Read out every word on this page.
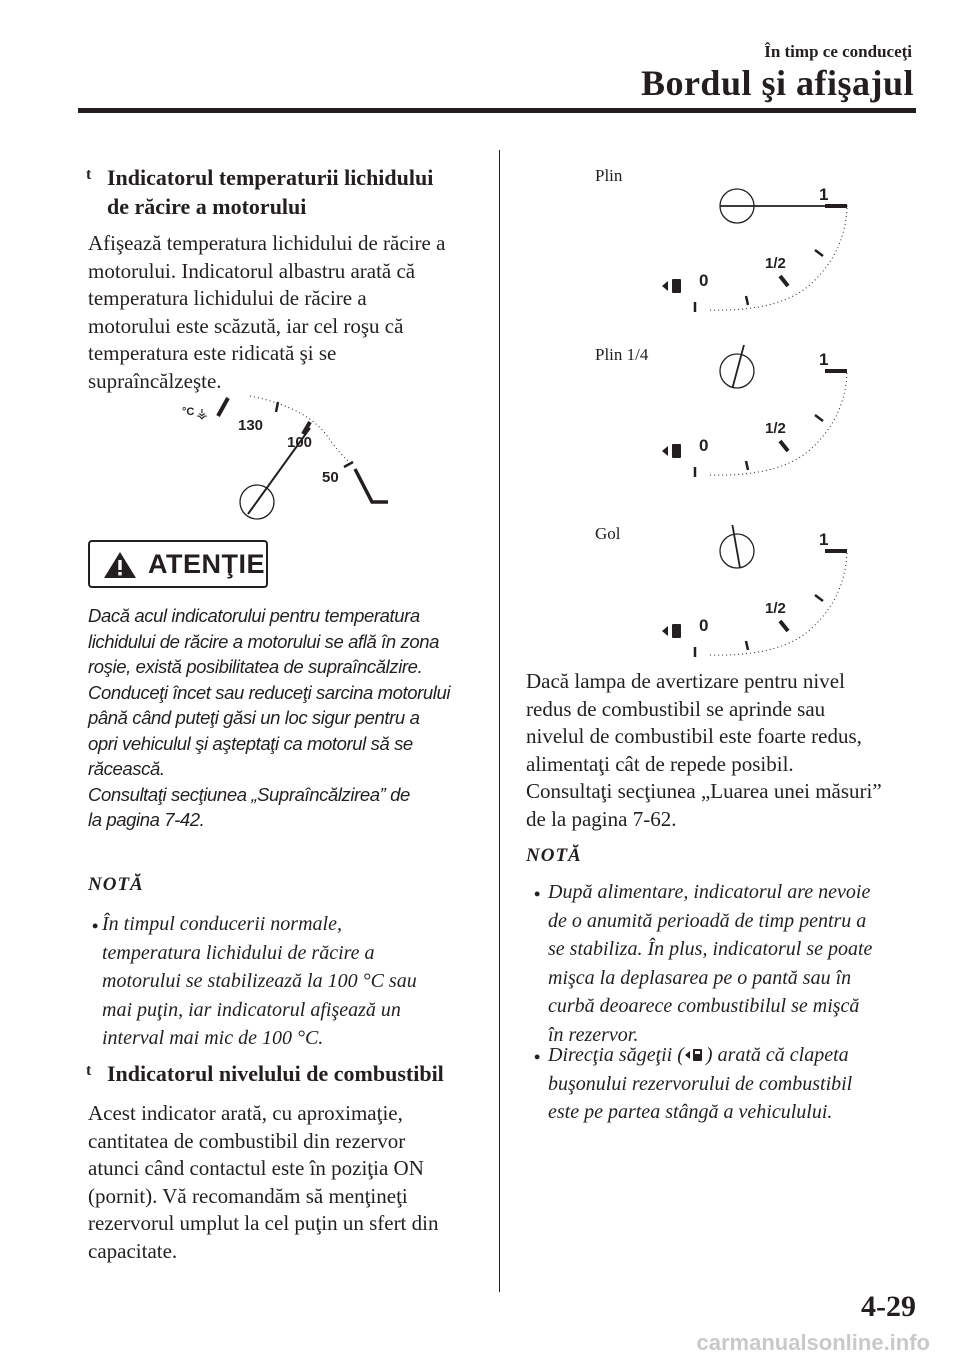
În timp ce conduceţi
Bordul şi afişajul
t Indicatorul temperaturii lichidului
de răcire a motorului
Afişează temperatura lichidului de răcire a
motorului. Indicatorul albastru arată că
temperatura lichidului de răcire a
motorului este scăzută, iar cel roşu că
temperatura este ridicată şi se
supraîncălzeşte.
°C ⚶
130
100
50
ATENŢIE
Dacă acul indicatorului pentru temperatura
lichidului de răcire a motorului se află în zona
roşie, există posibilitatea de supraîncălzire.
Conduceţi încet sau reduceţi sarcina motorului
până când puteţi găsi un loc sigur pentru a
opri vehiculul şi aşteptaţi ca motorul să se
răcească.
Consultaţi secţiunea „Supraîncălzirea” de
la pagina 7-42.
NOTĂ
• În timpul conducerii normale,
temperatura lichidului de răcire a
motorului se stabilizează la 100 °C sau
mai puţin, iar indicatorul afişează un
interval mai mic de 100 °C.
t Indicatorul nivelului de combustibil
Acest indicator arată, cu aproximaţie,
cantitatea de combustibil din rezervor
atunci când contactul este în poziţia ON
(pornit). Vă recomandăm să menţineţi
rezervorul umplut la cel puţin un sfert din
capacitate.
Plin
1
1/2
0
Plin 1/4	1
1/2
0
Gol	1
1/2
0
Dacă lampa de avertizare pentru nivel
redus de combustibil se aprinde sau
nivelul de combustibil este foarte redus,
alimentaţi cât de repede posibil.
Consultaţi secţiunea „Luarea unei măsuri”
de la pagina 7-62.
NOTĂ
• După alimentare, indicatorul are nevoie
de o anumită perioadă de timp pentru a
se stabiliza. În plus, indicatorul se poate
mişca la deplasarea pe o pantă sau în
curbă deoarece combustibilul se mişcă
în rezervor.
• Direcţia săgeţii ( ) arată că clapeta
buşonului rezervorului de combustibil
este pe partea stângă a vehiculului.
4-29
carmanualsonline.info
